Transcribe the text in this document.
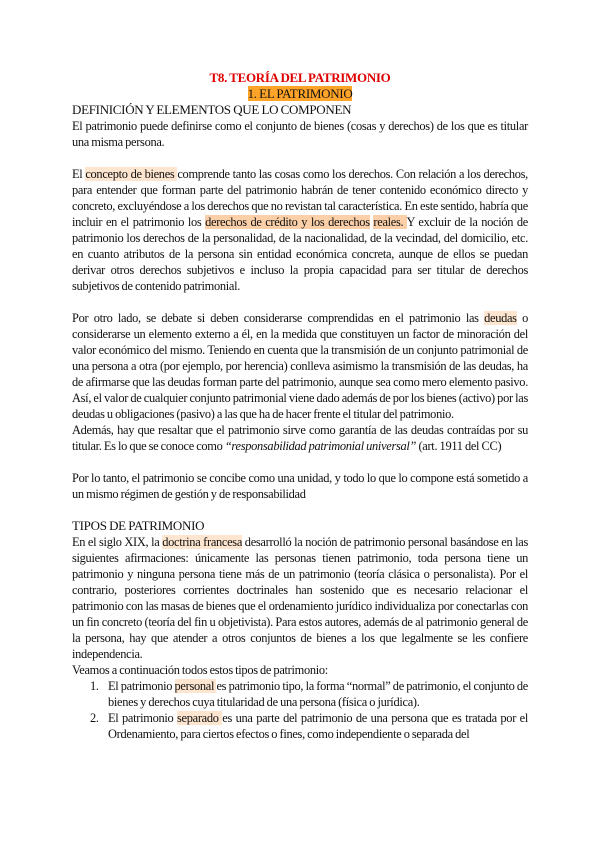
T8. TEORÍA DEL PATRIMONIO
1. EL PATRIMONIO
DEFINICIÓN Y ELEMENTOS QUE LO COMPONEN
El patrimonio puede definirse como el conjunto de bienes (cosas y derechos) de los que es titular una misma persona.
El concepto de bienes comprende tanto las cosas como los derechos. Con relación a los derechos, para entender que forman parte del patrimonio habrán de tener contenido económico directo y concreto, excluyéndose a los derechos que no revistan tal característica. En este sentido, habría que incluir en el patrimonio los derechos de crédito y los derechos reales. Y excluir de la noción de patrimonio los derechos de la personalidad, de la nacionalidad, de la vecindad, del domicilio, etc. en cuanto atributos de la persona sin entidad económica concreta, aunque de ellos se puedan derivar otros derechos subjetivos e incluso la propia capacidad para ser titular de derechos subjetivos de contenido patrimonial.
Por otro lado, se debate si deben considerarse comprendidas en el patrimonio las deudas o considerarse un elemento externo a él, en la medida que constituyen un factor de minoración del valor económico del mismo. Teniendo en cuenta que la transmisión de un conjunto patrimonial de una persona a otra (por ejemplo, por herencia) conlleva asimismo la transmisión de las deudas, ha de afirmarse que las deudas forman parte del patrimonio, aunque sea como mero elemento pasivo. Así, el valor de cualquier conjunto patrimonial viene dado además de por los bienes (activo) por las deudas u obligaciones (pasivo) a las que ha de hacer frente el titular del patrimonio.
Además, hay que resaltar que el patrimonio sirve como garantía de las deudas contraídas por su titular. Es lo que se conoce como “responsabilidad patrimonial universal” (art. 1911 del CC)
Por lo tanto, el patrimonio se concibe como una unidad, y todo lo que lo compone está sometido a un mismo régimen de gestión y de responsabilidad
TIPOS DE PATRIMONIO
En el siglo XIX, la doctrina francesa desarrolló la noción de patrimonio personal basándose en las siguientes afirmaciones: únicamente las personas tienen patrimonio, toda persona tiene un patrimonio y ninguna persona tiene más de un patrimonio (teoría clásica o personalista). Por el contrario, posteriores corrientes doctrinales han sostenido que es necesario relacionar el patrimonio con las masas de bienes que el ordenamiento jurídico individualiza por conectarlas con un fin concreto (teoría del fin u objetivista). Para estos autores, además de al patrimonio general de la persona, hay que atender a otros conjuntos de bienes a los que legalmente se les confiere independencia.
Veamos a continuación todos estos tipos de patrimonio:
1. El patrimonio personal es patrimonio tipo, la forma “normal” de patrimonio, el conjunto de bienes y derechos cuya titularidad de una persona (física o jurídica).
2. El patrimonio separado es una parte del patrimonio de una persona que es tratada por el Ordenamiento, para ciertos efectos o fines, como independiente o separada del
